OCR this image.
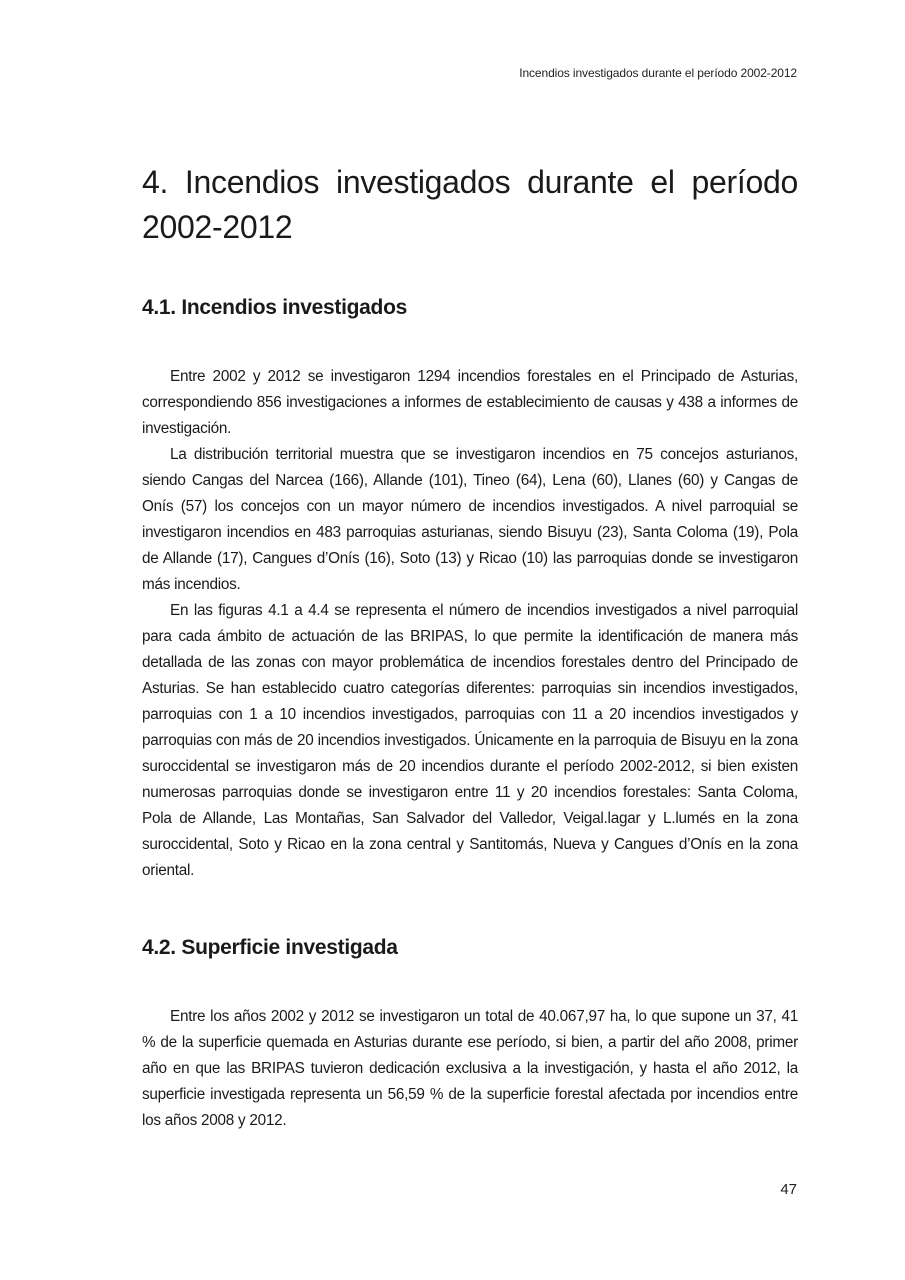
Incendios investigados durante el período 2002-2012
4. Incendios investigados durante el período 2002-2012
4.1. Incendios investigados

Entre 2002 y 2012 se investigaron 1294 incendios forestales en el Principado de Asturias, correspondiendo 856 investigaciones a informes de establecimiento de causas y 438 a informes de investigación.

La distribución territorial muestra que se investigaron incendios en 75 concejos asturianos, siendo Cangas del Narcea (166), Allande (101), Tineo (64), Lena (60), Llanes (60) y Cangas de Onís (57) los concejos con un mayor número de incendios investigados. A nivel parroquial se investigaron incendios en 483 parroquias asturianas, siendo Bisuyu (23), Santa Coloma (19), Pola de Allande (17), Cangues d’Onís (16), Soto (13) y Ricao (10) las parroquias donde se investigaron más incendios.

En las figuras 4.1 a 4.4 se representa el número de incendios investigados a nivel parroquial para cada ámbito de actuación de las BRIPAS, lo que permite la identificación de manera más detallada de las zonas con mayor problemática de incendios forestales dentro del Principado de Asturias. Se han establecido cuatro categorías diferentes: parroquias sin incendios investigados, parroquias con 1 a 10 incendios investigados, parroquias con 11 a 20 incendios investigados y parroquias con más de 20 incendios investigados. Únicamente en la parroquia de Bisuyu en la zona suroccidental se investigaron más de 20 incendios durante el período 2002-2012, si bien existen numerosas parroquias donde se investigaron entre 11 y 20 incendios forestales: Santa Coloma, Pola de Allande, Las Montañas, San Salvador del Valledor, Veigal.lagar y L.lumés en la zona suroccidental, Soto y Ricao en la zona central y Santitomás, Nueva y Cangues d’Onís en la zona oriental.

4.2. Superficie investigada

Entre los años 2002 y 2012 se investigaron un total de 40.067,97 ha, lo que supone un 37, 41 % de la superficie quemada en Asturias durante ese período, si bien, a partir del año 2008, primer año en que las BRIPAS tuvieron dedicación exclusiva a la investigación, y hasta el año 2012, la superficie investigada representa un 56,59 % de la superficie forestal afectada por incendios entre los años 2008 y 2012.

47
